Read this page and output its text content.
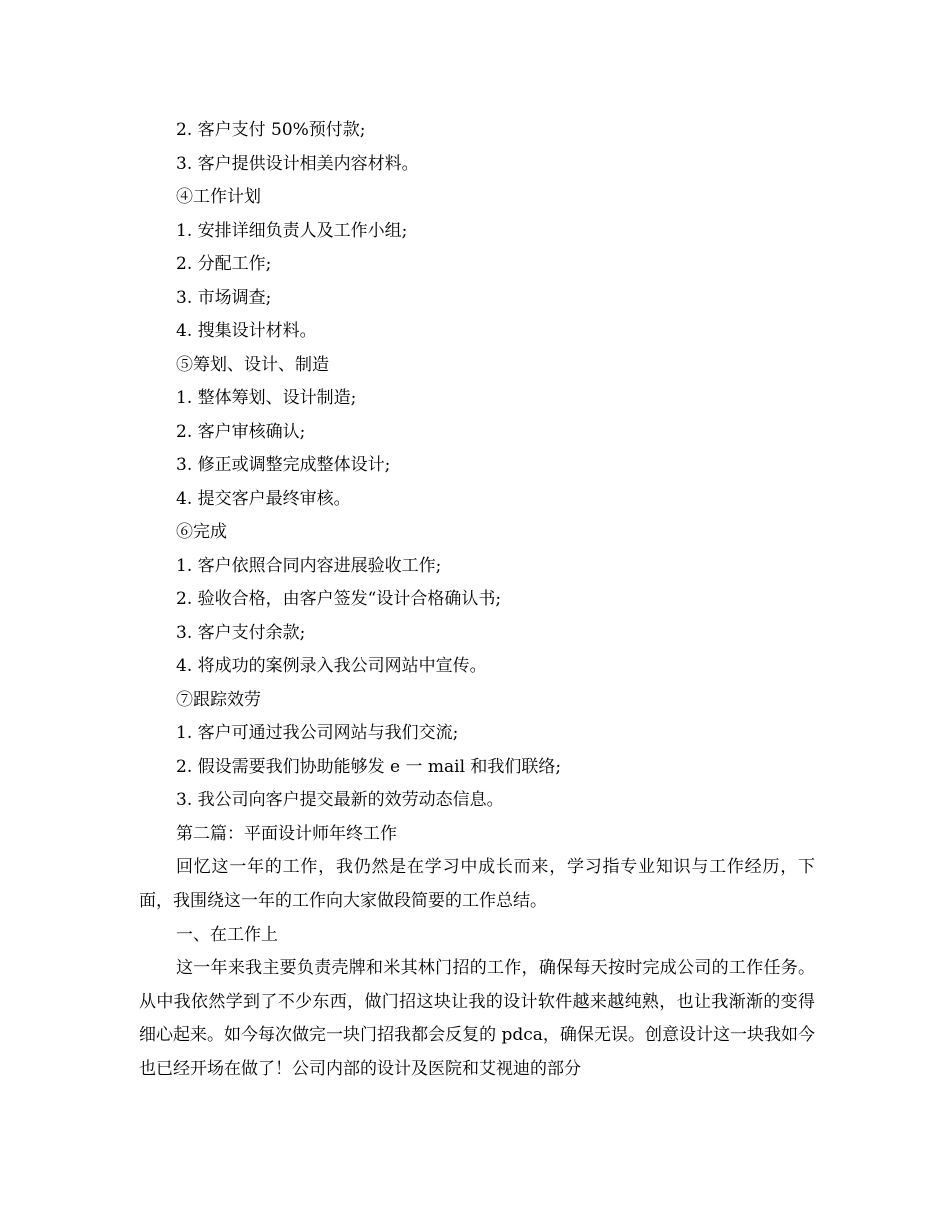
2. 客户支付 50%预付款;
3. 客户提供设计相美内容材料。
④工作计划
1. 安排详细负责人及工作小组;
2. 分配工作;
3. 市场调查;
4. 搜集设计材料。
⑤筹划、设计、制造
1. 整体筹划、设计制造;
2. 客户审核确认;
3. 修正或调整完成整体设计;
4. 提交客户最终审核。
⑥完成
1. 客户依照合同内容进展验收工作;
2. 验收合格，由客户签发“设计合格确认书;
3. 客户支付余款;
4. 将成功的案例录入我公司网站中宣传。
⑦跟踪效劳
1. 客户可通过我公司网站与我们交流;
2. 假设需要我们协助能够发 e 一 mail 和我们联络;
3. 我公司向客户提交最新的效劳动态信息。
第二篇：平面设计师年终工作
回忆这一年的工作，我仍然是在学习中成长而来，学习指专业知识与工作经历，下面，我围绕这一年的工作向大家做段简要的工作总结。
一、在工作上
这一年来我主要负责壳牌和米其林门招的工作，确保每天按时完成公司的工作任务。从中我依然学到了不少东西，做门招这块让我的设计软件越来越纯熟，也让我渐渐的变得细心起来。如今每次做完一块门招我都会反复的 pdca，确保无误。创意设计这一块我如今也已经开场在做了！公司内部的设计及医院和艾视迪的部分
